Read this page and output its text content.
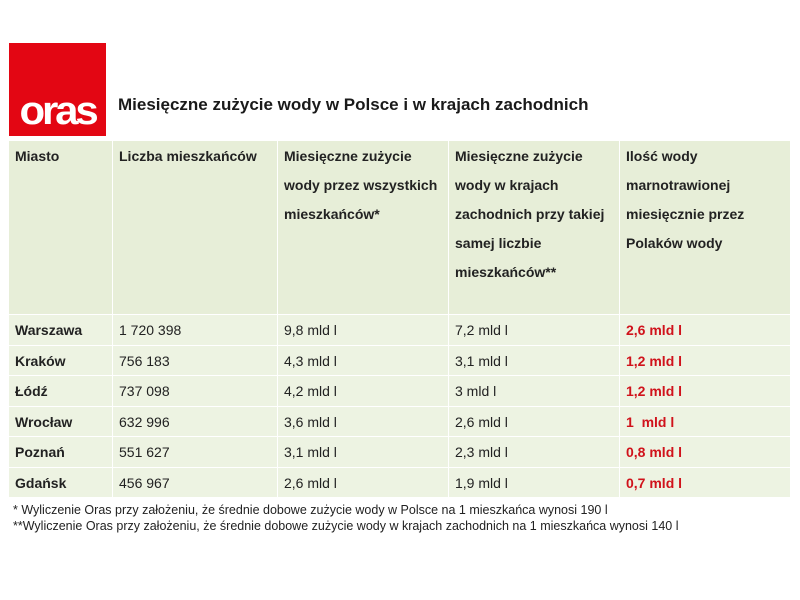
oras	Miesięczne zużycie wody w Polsce i w krajach zachodnich
Miasto	Liczba mieszkańców	Miesięczne zużycie wody przez wszystkich mieszkańców*	Miesięczne zużycie wody w krajach zachodnich przy takiej samej liczbie mieszkańców**	Ilość wody marnotrawionej miesięcznie przez Polaków wody
Warszawa	1 720 398	9,8 mld l	7,2 mld l	2,6 mld l
Kraków	756 183	4,3 mld l	3,1 mld l	1,2 mld l
Łódź	737 098	4,2 mld l	3 mld l	1,2 mld l
Wrocław	632 996	3,6 mld l	2,6 mld l	1  mld l
Poznań	551 627	3,1 mld l	2,3 mld l	0,8 mld l
Gdańsk	456 967	2,6 mld l	1,9 mld l	0,7 mld l
* Wyliczenie Oras przy założeniu, że średnie dobowe zużycie wody w Polsce na 1 mieszkańca wynosi 190 l
**Wyliczenie Oras przy założeniu, że średnie dobowe zużycie wody w krajach zachodnich na 1 mieszkańca wynosi 140 l
